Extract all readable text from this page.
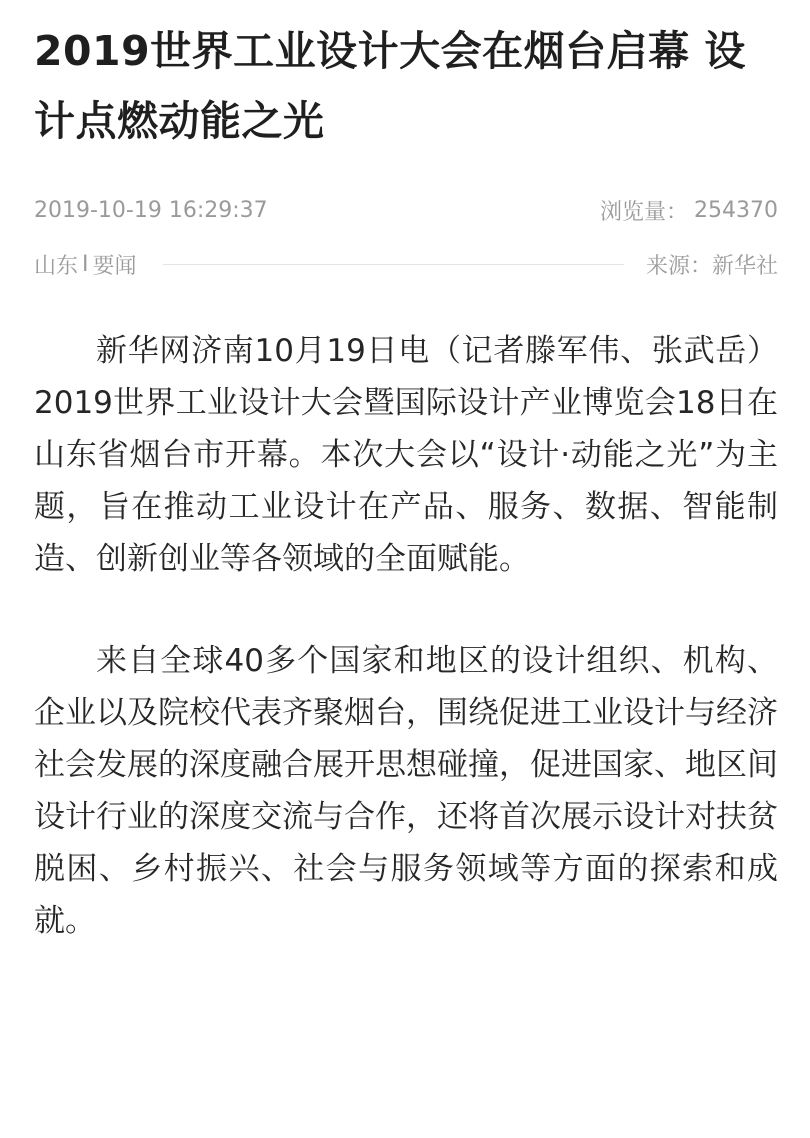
2019世界工业设计大会在烟台启幕 设计点燃动能之光
2019-10-19 16:29:37	浏览量： 254370
山东 I 要闻	来源： 新华社

新华网济南10月19日电（记者滕军伟、张武岳）2019世界工业设计大会暨国际设计产业博览会18日在山东省烟台市开幕。本次大会以“设计·动能之光”为主题，旨在推动工业设计在产品、服务、数据、智能制造、创新创业等各领域的全面赋能。

来自全球40多个国家和地区的设计组织、机构、企业以及院校代表齐聚烟台，围绕促进工业设计与经济社会发展的深度融合展开思想碰撞，促进国家、地区间设计行业的深度交流与合作，还将首次展示设计对扶贫脱困、乡村振兴、社会与服务领域等方面的探索和成就。
